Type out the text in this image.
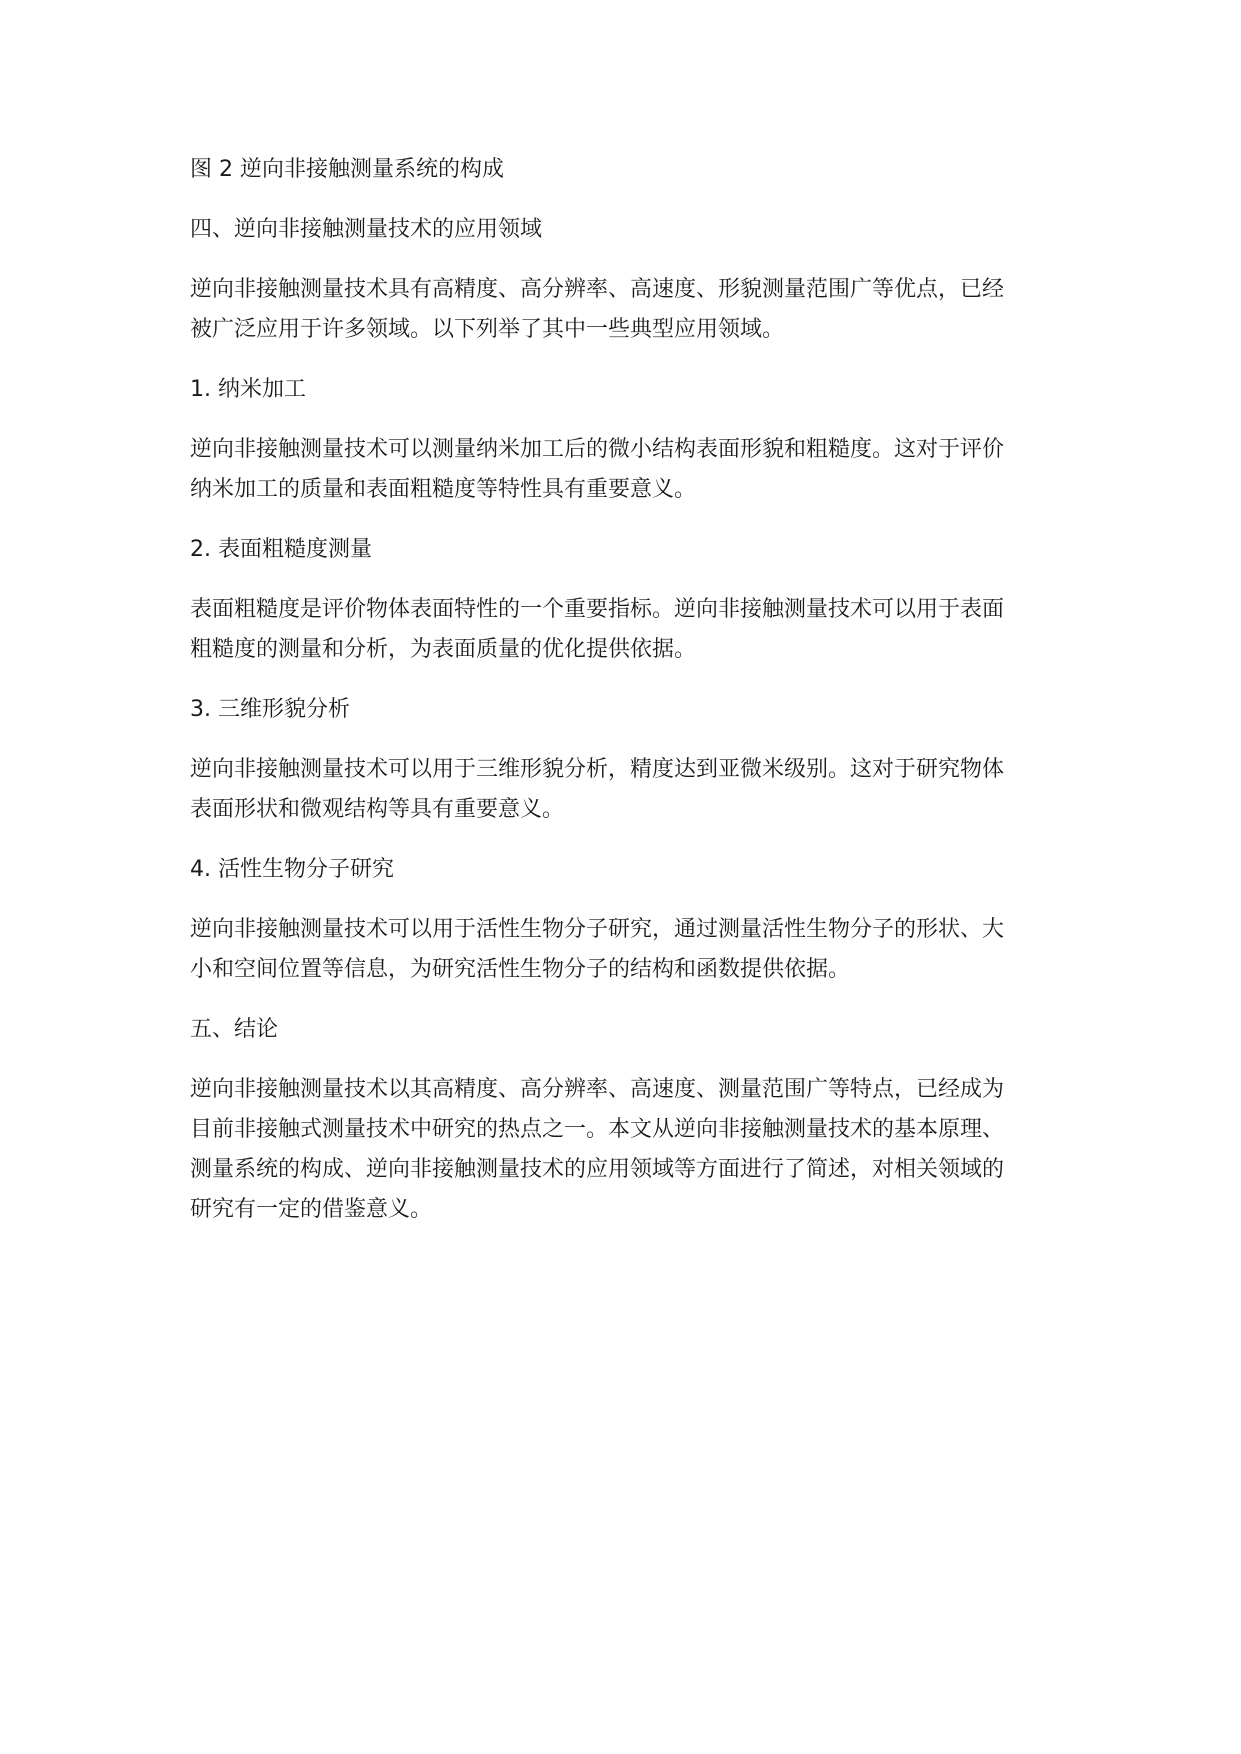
图 2 逆向非接触测量系统的构成

四、逆向非接触测量技术的应用领域

逆向非接触测量技术具有高精度、高分辨率、高速度、形貌测量范围广等优点，已经
被广泛应用于许多领域。以下列举了其中一些典型应用领域。

1. 纳米加工

逆向非接触测量技术可以测量纳米加工后的微小结构表面形貌和粗糙度。这对于评价
纳米加工的质量和表面粗糙度等特性具有重要意义。

2. 表面粗糙度测量

表面粗糙度是评价物体表面特性的一个重要指标。逆向非接触测量技术可以用于表面
粗糙度的测量和分析，为表面质量的优化提供依据。

3. 三维形貌分析

逆向非接触测量技术可以用于三维形貌分析，精度达到亚微米级别。这对于研究物体
表面形状和微观结构等具有重要意义。

4. 活性生物分子研究

逆向非接触测量技术可以用于活性生物分子研究，通过测量活性生物分子的形状、大
小和空间位置等信息，为研究活性生物分子的结构和函数提供依据。

五、结论

逆向非接触测量技术以其高精度、高分辨率、高速度、测量范围广等特点，已经成为
目前非接触式测量技术中研究的热点之一。本文从逆向非接触测量技术的基本原理、
测量系统的构成、逆向非接触测量技术的应用领域等方面进行了简述，对相关领域的
研究有一定的借鉴意义。
